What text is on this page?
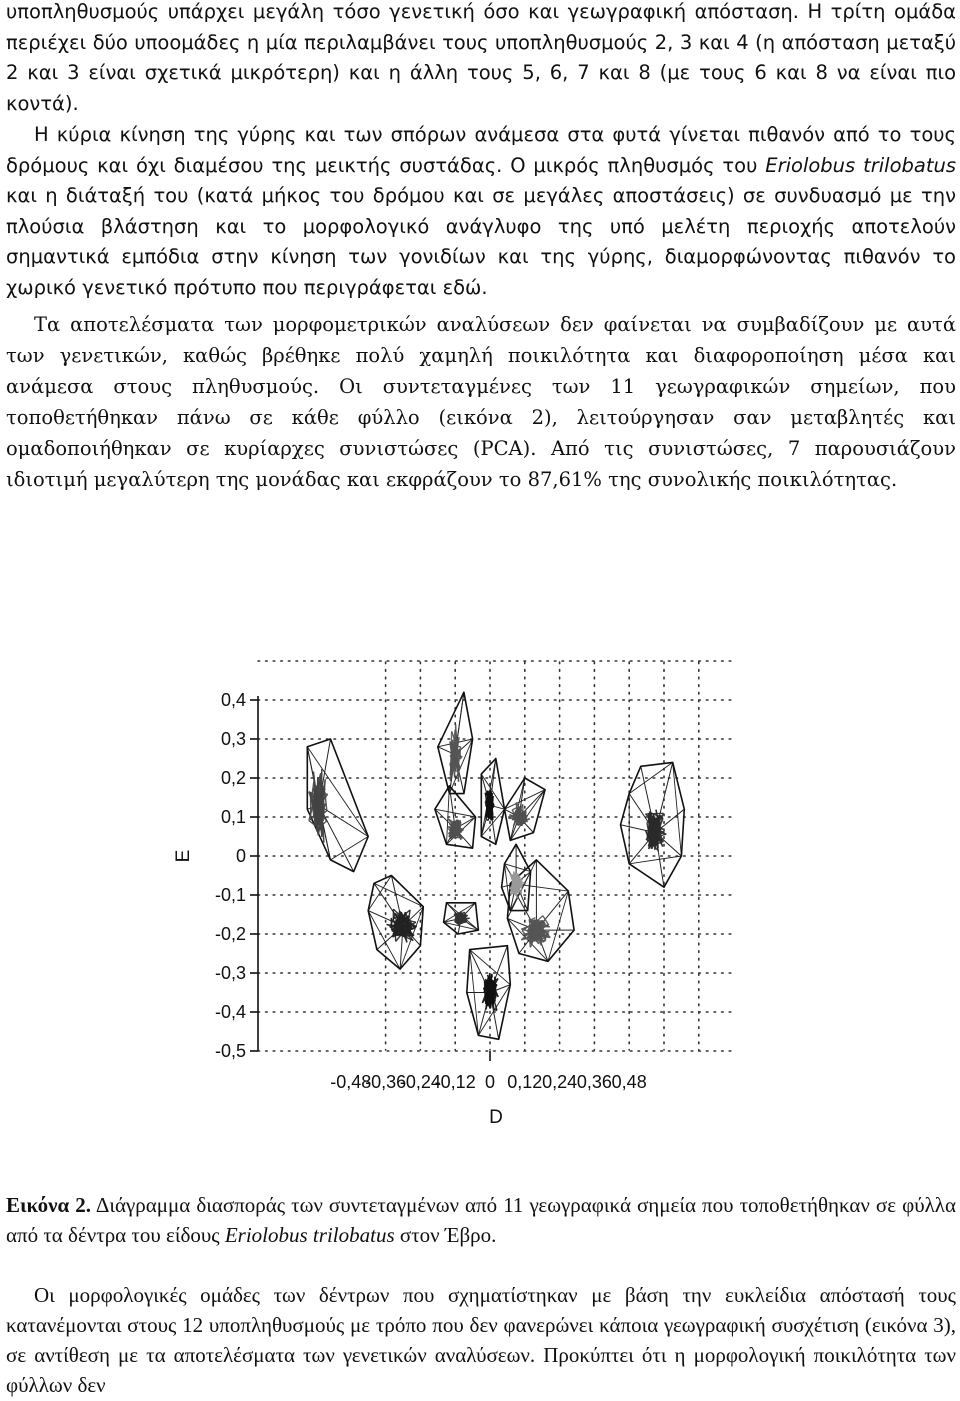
υποπληθυσμούς υπάρχει μεγάλη τόσο γενετική όσο και γεωγραφική απόσταση. Η τρίτη ομάδα περιέχει δύο υποομάδες η μία περιλαμβάνει τους υποπληθυσμούς 2, 3 και 4 (η απόσταση μεταξύ 2 και 3 είναι σχετικά μικρότερη) και η άλλη τους 5, 6, 7 και 8 (με τους 6 και 8 να είναι πιο κοντά).

Η κύρια κίνηση της γύρης και των σπόρων ανάμεσα στα φυτά γίνεται πιθανόν από το τους δρόμους και όχι διαμέσου της μεικτής συστάδας. Ο μικρός πληθυσμός του Eriolobus trilobatus και η διάταξή του (κατά μήκος του δρόμου και σε μεγάλες αποστάσεις) σε συνδυασμό με την πλούσια βλάστηση και το μορφολογικό ανάγλυφο της υπό μελέτη περιοχής αποτελούν σημαντικά εμπόδια στην κίνηση των γονιδίων και της γύρης, διαμορφώνοντας πιθανόν το χωρικό γενετικό πρότυπο που περιγράφεται εδώ.

Τα αποτελέσματα των μορφομετρικών αναλύσεων δεν φαίνεται να συμβαδίζουν με αυτά των γενετικών, καθώς βρέθηκε πολύ χαμηλή ποικιλότητα και διαφοροποίηση μέσα και ανάμεσα στους πληθυσμούς. Οι συντεταγμένες των 11 γεωγραφικών σημείων, που τοποθετήθηκαν πάνω σε κάθε φύλλο (εικόνα 2), λειτούργησαν σαν μεταβλητές και ομαδοποιήθηκαν σε κυρίαρχες συνιστώσες (PCA). Από τις συνιστώσες, 7 παρουσιάζουν ιδιοτιμή μεγαλύτερη της μονάδας και εκφράζουν το 87,61% της συνολικής ποικιλότητας.

0,4
0,3
0,2
0,1
0
-0,1
-0,2
-0,3
-0,4
-0,5
-0,48
-0,36
-0,24
-0,12 0 0,12 0,24 0,36 0,48
E
D

Εικόνα 2. Διάγραμμα διασποράς των συντεταγμένων από 11 γεωγραφικά σημεία που τοποθετήθηκαν σε φύλλα από τα δέντρα του είδους Eriolobus trilobatus στον Έβρο.

Οι μορφολογικές ομάδες των δέντρων που σχηματίστηκαν με βάση την ευκλείδια απόστασή τους κατανέμονται στους 12 υποπληθυσμούς με τρόπο που δεν φανερώνει κάποια γεωγραφική συσχέτιση (εικόνα 3), σε αντίθεση με τα αποτελέσματα των γενετικών αναλύσεων. Προκύπτει ότι η μορφολογική ποικιλότητα των φύλλων δεν
